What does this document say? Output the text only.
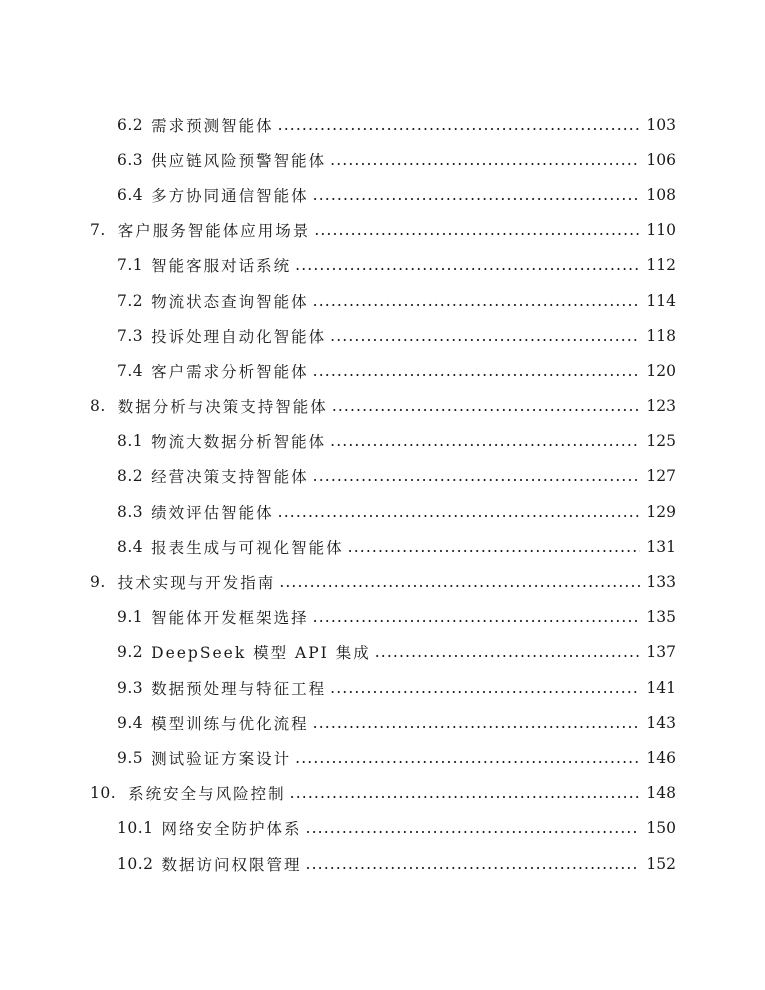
6.2 需求预测智能体 . . .	103
6.3 供应链风险预警智能体 . . .	106
6.4 多方协同通信智能体 . . .	108
7. 客户服务智能体应用场景 . . .	110
7.1 智能客服对话系统 . . .	112
7.2 物流状态查询智能体 . . .	114
7.3 投诉处理自动化智能体 . . .	118
7.4 客户需求分析智能体 . . .	120
8. 数据分析与决策支持智能体 . . .	123
8.1 物流大数据分析智能体 . . .	125
8.2 经营决策支持智能体 . . .	127
8.3 绩效评估智能体 . . .	129
8.4 报表生成与可视化智能体 . . .	131
9. 技术实现与开发指南 . . .	133
9.1 智能体开发框架选择 . . .	135
9.2 DeepSeek 模型 API 集成 . . .	137
9.3 数据预处理与特征工程 . . .	141
9.4 模型训练与优化流程 . . .	143
9.5 测试验证方案设计 . . .	146
10. 系统安全与风险控制 . . .	148
10.1 网络安全防护体系 . . .	150
10.2 数据访问权限管理 . . .	152
